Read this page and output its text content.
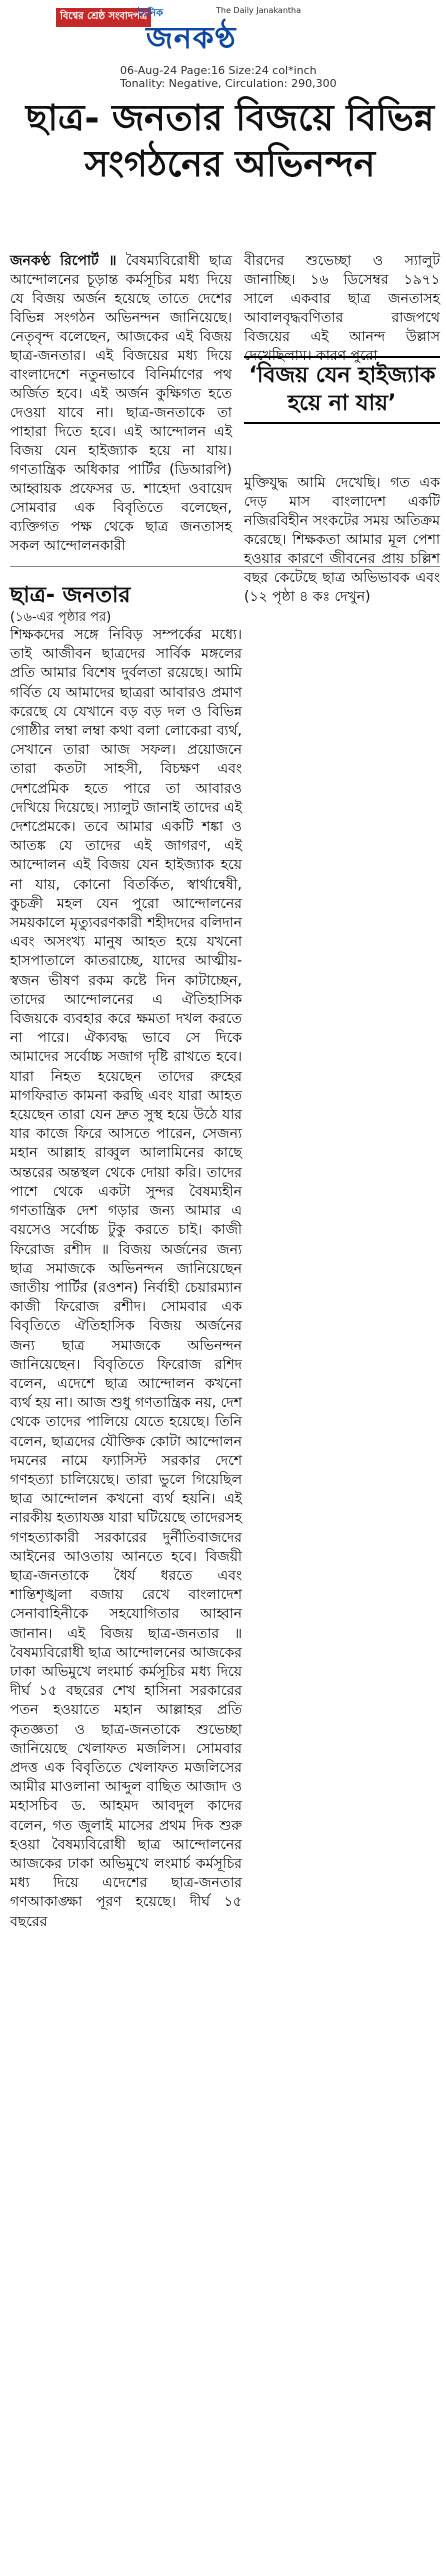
বিশ্বের শ্রেষ্ঠ সংবাদপত্র
দৈনিক	The Daily Janakantha
জনকণ্ঠ
06-Aug-24 Page:16 Size:24 col*inch
Tonality: Negative, Circulation: 290,300
ছাত্র- জনতার বিজয়ে বিভিন্ন সংগঠনের অভিনন্দন
জনকণ্ঠ রিপোর্ট ॥ বৈষম্যবিরোধী ছাত্র আন্দোলনের চূড়ান্ত কর্মসূচির মধ্য দিয়ে যে বিজয় অর্জন হয়েছে তাতে দেশের বিভিন্ন সংগঠন অভিনন্দন জানিয়েছে। নেতৃবৃন্দ বলেছেন, আজকের এই বিজয় ছাত্র-জনতার। এই বিজয়ের মধ্য দিয়ে বাংলাদেশে নতুনভাবে বিনির্মাণের পথ অর্জিত হবে। এই অর্জন কুক্ষিগত হতে দেওয়া যাবে না। ছাত্র-জনতাকে তা পাহারা দিতে হবে। এই আন্দোলন এই বিজয় যেন হাইজ্যাক হয়ে না যায়। গণতান্ত্রিক অধিকার পার্টির (ডিআরপি) আহ্বায়ক প্রফেসর ড. শাহেদা ওবায়েদ সোমবার এক বিবৃতিতে বলেছেন, ব্যক্তিগত পক্ষ থেকে ছাত্র জনতাসহ সকল আন্দোলনকারী
বীরদের শুভেচ্ছা ও স্যালুট জানাচ্ছি। ১৬ ডিসেম্বর ১৯৭১ সালে একবার ছাত্র জনতাসহ আবালবৃদ্ধবণিতার রাজপথে বিজয়ের এই আনন্দ উল্লাস দেখেছিলাম। কারণ পুরো
‘বিজয় যেন হাইজ্যাক হয়ে না যায়’
মুক্তিযুদ্ধ আমি দেখেছি। গত এক দেড় মাস বাংলাদেশ একটি নজিরবিহীন সংকটের সময় অতিক্রম করেছে। শিক্ষকতা আমার মূল পেশা হওয়ার কারণে জীবনের প্রায় চল্লিশ বছর কেটেছে ছাত্র অভিভাবক এবং (১২ পৃষ্ঠা ৪ কঃ দেখুন)
ছাত্র- জনতার
(১৬-এর পৃষ্ঠার পর)

শিক্ষকদের সঙ্গে নিবিড় সম্পর্কের মধ্যে। তাই আজীবন ছাত্রদের সার্বিক মঙ্গলের প্রতি আমার বিশেষ দুর্বলতা রয়েছে। আমি গর্বিত যে আমাদের ছাত্ররা আবারও প্রমাণ করেছে যে যেখানে বড় বড় দল ও বিভিন্ন গোষ্ঠীর লম্বা লম্বা কথা বলা লোকেরা ব্যর্থ, সেখানে তারা আজ সফল। প্রয়োজনে তারা কতটা সাহসী, বিচক্ষণ এবং দেশপ্রেমিক হতে পারে তা আবারও দেখিয়ে দিয়েছে। স্যালুট জানাই তাদের এই দেশপ্রেমকে। তবে আমার একটি শঙ্কা ও আতঙ্ক যে তাদের এই জাগরণ, এই আন্দোলন এই বিজয় যেন হাইজ্যাক হয়ে না যায়, কোনো বিতর্কিত, স্বার্থান্বেষী, কুচক্রী মহল যেন পুরো আন্দোলনের সময়কালে মৃত্যুবরণকারী শহীদদের বলিদান এবং অসংখ্য মানুষ আহত হয়ে যখনো হাসপাতালে কাতরাচ্ছে, যাদের আত্মীয়-স্বজন ভীষণ রকম কষ্টে দিন কাটাচ্ছেন, তাদের আন্দোলনের এ ঐতিহাসিক বিজয়কে ব্যবহার করে ক্ষমতা দখল করতে না পারে। ঐক্যবদ্ধ ভাবে সে দিকে আমাদের সর্বোচ্চ সজাগ দৃষ্টি রাখতে হবে। যারা নিহত হয়েছেন তাদের রুহের মাগফিরাত কামনা করছি এবং যারা আহত হয়েছেন তারা যেন দ্রুত সুস্থ হয়ে উঠে যার যার কাজে ফিরে আসতে পারেন, সেজন্য মহান আল্লাহ রাব্বুল আলামিনের কাছে অন্তরের অন্তস্থল থেকে দোয়া করি। তাদের পাশে থেকে একটা সুন্দর বৈষম্যহীন গণতান্ত্রিক দেশ গড়ার জন্য আমার এ বয়সেও সর্বোচ্চ টুকু করতে চাই। কাজী ফিরোজ রশীদ ॥ বিজয় অর্জনের জন্য ছাত্র সমাজকে অভিনন্দন জানিয়েছেন জাতীয় পার্টির (রওশন) নির্বাহী চেয়ারম্যান কাজী ফিরোজ রশীদ। সোমবার এক বিবৃতিতে ঐতিহাসিক বিজয় অর্জনের জন্য ছাত্র সমাজকে অভিনন্দন জানিয়েছেন। বিবৃতিতে ফিরোজ রশিদ বলেন, এদেশে ছাত্র আন্দোলন কখনো ব্যর্থ হয় না। আজ শুধু গণতান্ত্রিক নয়, দেশ থেকে তাদের পালিয়ে যেতে হয়েছে। তিনি বলেন, ছাত্রদের যৌক্তিক কোটা আন্দোলন দমনের নামে ফ্যাসিস্ট সরকার দেশে গণহত্যা চালিয়েছে। তারা ভুলে গিয়েছিল ছাত্র আন্দোলন কখনো ব্যর্থ হয়নি। এই নারকীয় হত্যাযজ্ঞ যারা ঘটিয়েছে তাদেরসহ গণহত্যাকারী সরকারের দুর্নীতিবাজদের আইনের আওতায় আনতে হবে। বিজয়ী ছাত্র-জনতাকে ধৈর্য ধরতে এবং শান্তিশৃঙ্খলা বজায় রেখে বাংলাদেশ সেনাবাহিনীকে সহযোগিতার আহ্বান জানান। এই বিজয় ছাত্র-জনতার ॥ বৈষম্যবিরোধী ছাত্র আন্দোলনের আজকের ঢাকা অভিমুখে লংমার্চ কর্মসূচির মধ্য দিয়ে দীর্ঘ ১৫ বছরের শেখ হাসিনা সরকারের পতন হওয়াতে মহান আল্লাহর প্রতি কৃতজ্ঞতা ও ছাত্র-জনতাকে শুভেচ্ছা জানিয়েছে খেলাফত মজলিস। সোমবার প্রদত্ত এক বিবৃতিতে খেলাফত মজলিসের আমীর মাওলানা আব্দুল বাছিত আজাদ ও মহাসচিব ড. আহমদ আবদুল কাদের বলেন, গত জুলাই মাসের প্রথম দিক শুরু হওয়া বৈষম্যবিরোধী ছাত্র আন্দোলনের আজকের ঢাকা অভিমুখে লংমার্চ কর্মসূচির মধ্য দিয়ে এদেশের ছাত্র-জনতার গণআকাঙ্ক্ষা পূরণ হয়েছে। দীর্ঘ ১৫ বছরের
